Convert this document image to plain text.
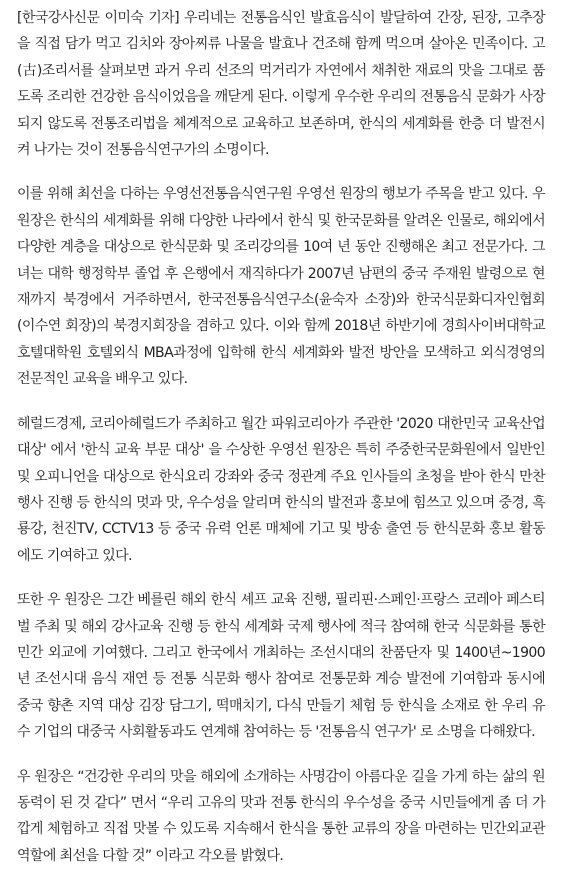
[한국강사신문 이미숙 기자] 우리네는 전통음식인 발효음식이 발달하여 간장, 된장, 고추장을 직접 담가 먹고 김치와 장아찌류 나물을 발효나 건조해 함께 먹으며 살아온 민족이다. 고(古)조리서를 살펴보면 과거 우리 선조의 먹거리가 자연에서 채취한 재료의 맛을 그대로 품도록 조리한 건강한 음식이었음을 깨닫게 된다. 이렇게 우수한 우리의 전통음식 문화가 사장되지 않도록 전통조리법을 체계적으로 교육하고 보존하며, 한식의 세계화를 한층 더 발전시켜 나가는 것이 전통음식연구가의 소명이다.

이를 위해 최선을 다하는 우영선전통음식연구원 우영선 원장의 행보가 주목을 받고 있다. 우 원장은 한식의 세계화를 위해 다양한 나라에서 한식 및 한국문화를 알려온 인물로, 해외에서 다양한 계층을 대상으로 한식문화 및 조리강의를 10여 년 동안 진행해온 최고 전문가다. 그녀는 대학 행정학부 졸업 후 은행에서 재직하다가 2007년 남편의 중국 주재원 발령으로 현재까지 북경에서 거주하면서, 한국전통음식연구소(윤숙자 소장)와 한국식문화디자인협회(이수연 회장)의 북경지회장을 겸하고 있다. 이와 함께 2018년 하반기에 경희사이버대학교 호텔대학원 호텔외식 MBA과정에 입학해 한식 세계화와 발전 방안을 모색하고 외식경영의 전문적인 교육을 배우고 있다.

헤럴드경제, 코리아헤럴드가 주최하고 월간 파워코리아가 주관한 '2020 대한민국 교육산업대상' 에서 '한식 교육 부문 대상' 을 수상한 우영선 원장은 특히 주중한국문화원에서 일반인 및 오피니언을 대상으로 한식요리 강좌와 중국 정관계 주요 인사들의 초청을 받아 한식 만찬 행사 진행 등 한식의 멋과 맛, 우수성을 알리며 한식의 발전과 홍보에 힘쓰고 있으며 중경, 흑룡강, 천진TV, CCTV13 등 중국 유력 언론 매체에 기고 및 방송 출연 등 한식문화 홍보 활동에도 기여하고 있다.

또한 우 원장은 그간 베를린 해외 한식 셰프 교육 진행, 필리핀·스페인·프랑스 코레아 페스티벌 주최 및 해외 강사교육 진행 등 한식 세계화 국제 행사에 적극 참여해 한국 식문화를 통한 민간 외교에 기여했다. 그리고 한국에서 개최하는 조선시대의 찬품단자 및 1400년~1900년 조선시대 음식 재연 등 전통 식문화 행사 참여로 전통문화 계승 발전에 기여함과 동시에 중국 향촌 지역 대상 김장 담그기, 떡매치기, 다식 만들기 체험 등 한식을 소재로 한 우리 유수 기업의 대중국 사회활동과도 연계해 참여하는 등 '전통음식 연구가' 로 소명을 다해왔다.

우 원장은 “건강한 우리의 맛을 해외에 소개하는 사명감이 아름다운 길을 가게 하는 삶의 원동력이 된 것 같다” 면서 “우리 고유의 맛과 전통 한식의 우수성을 중국 시민들에게 좀 더 가깝게 체험하고 직접 맛볼 수 있도록 지속해서 한식을 통한 교류의 장을 마련하는 민간외교관 역할에 최선을 다할 것” 이라고 각오를 밝혔다.
